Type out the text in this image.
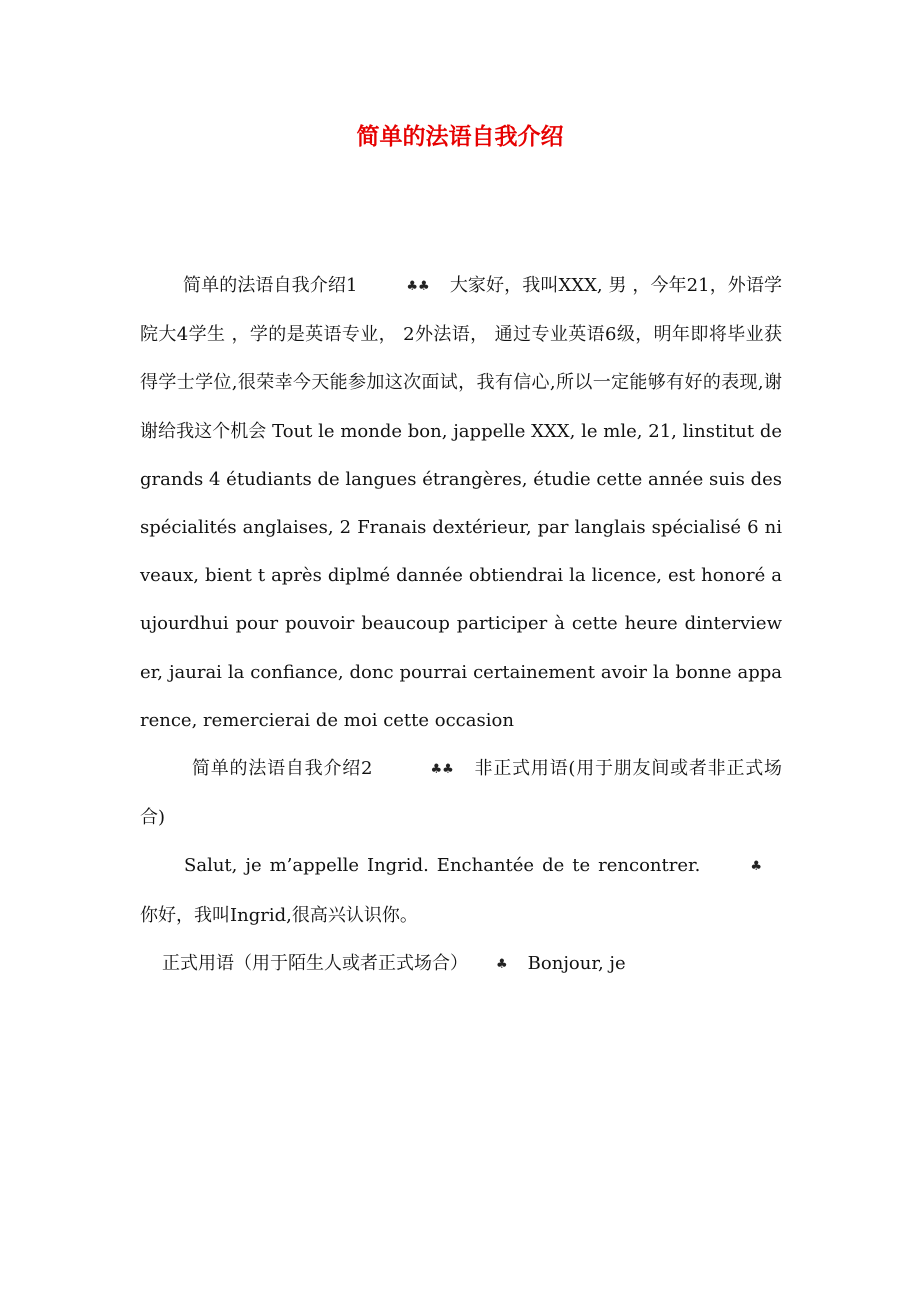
简单的法语自我介绍

简单的法语自我介绍1	♣♣ 大家好，我叫XXX, 男 ，今年21，外语学院大4学生 ，学的是英语专业， 2外法语， 通过专业英语6级，明年即将毕业获得学士学位,很荣幸今天能参加这次面试，我有信心,所以一定能够有好的表现,谢谢给我这个机会 Tout le monde bon, jappelle XXX, le mle, 21, linstitut de grands 4 étudiants de langues étrangères, étudie cette année suis des spécialités anglaises, 2 Franais dextérieur, par langlais spécialisé 6 niveaux, bient t après diplmé dannée obtiendrai la licence, est honoré aujourdhui pour pouvoir beaucoup participer à cette heure dinterviewer, jaurai la confiance, donc pourrai certainement avoir la bonne apparence, remercierai de moi cette occasion

简单的法语自我介绍2	♣♣ 非正式用语(用于朋友间或者非正式场合)

Salut, je m’appelle Ingrid. Enchantée de te rencontrer.	♣你好，我叫Ingrid,很高兴认识你。

正式用语（用于陌生人或者正式场合） ♣ Bonjour, je
